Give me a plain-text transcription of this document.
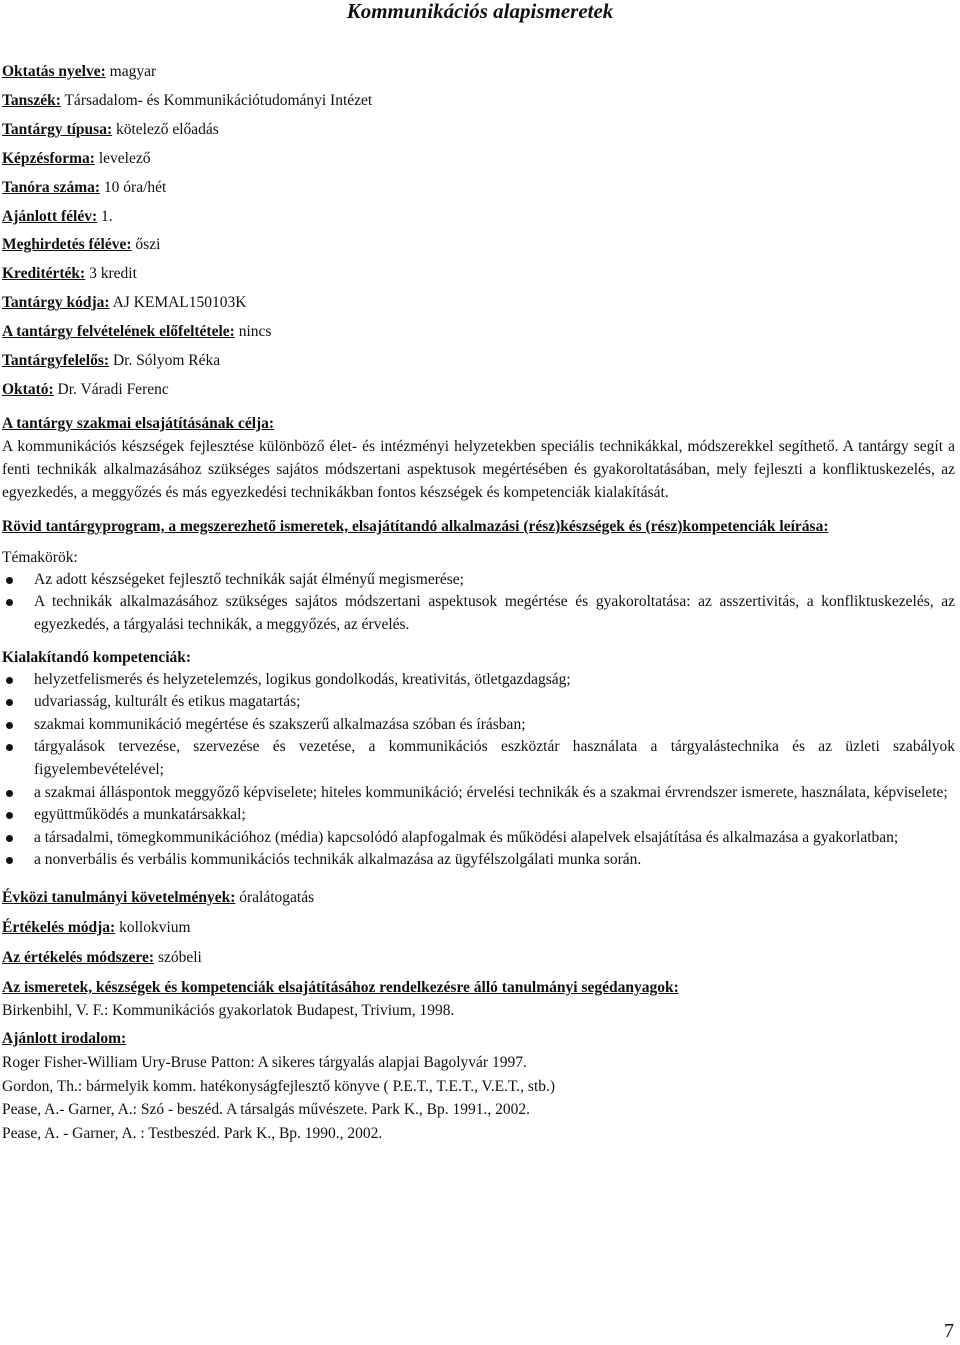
Kommunikációs alapismeretek
Oktatás nyelve: magyar
Tanszék: Társadalom- és Kommunikációtudományi Intézet
Tantárgy típusa: kötelező előadás
Képzésforma: levelező
Tanóra száma: 10 óra/hét
Ajánlott félév: 1.
Meghirdetés féléve: őszi
Kreditérték: 3 kredit
Tantárgy kódja: AJ KEMAL150103K
A tantárgy felvételének előfeltétele: nincs
Tantárgyfelelős: Dr. Sólyom Réka
Oktató: Dr. Váradi Ferenc
A tantárgy szakmai elsajátításának célja:

A kommunikációs készségek fejlesztése különböző élet- és intézményi helyzetekben speciális technikákkal, módszerekkel segíthető. A tantárgy segít a fenti technikák alkalmazásához szükséges sajátos módszertani aspektusok megértésében és gyakoroltatásában, mely fejleszti a konfliktuskezelés, az egyezkedés, a meggyőzés és más egyezkedési technikákban fontos készségek és kompetenciák kialakítását.

Rövid tantárgyprogram, a megszerezhető ismeretek, elsajátítandó alkalmazási (rész)készségek és (rész)kompetenciák leírása:
Témakörök:
Az adott készségeket fejlesztő technikák saját élményű megismerése;
A technikák alkalmazásához szükséges sajátos módszertani aspektusok megértése és gyakoroltatása: az asszertivitás, a konfliktuskezelés, az egyezkedés, a tárgyalási technikák, a meggyőzés, az érvelés.
Kialakítandó kompetenciák:
helyzetfelismerés és helyzetelemzés, logikus gondolkodás, kreativitás, ötletgazdagság;
udvariasság, kulturált és etikus magatartás;
szakmai kommunikáció megértése és szakszerű alkalmazása szóban és írásban;
tárgyalások tervezése, szervezése és vezetése, a kommunikációs eszköztár használata a tárgyalástechnika és az üzleti szabályok figyelembevételével;
a szakmai álláspontok meggyőző képviselete; hiteles kommunikáció; érvelési technikák és a szakmai érvrendszer ismerete, használata, képviselete;
együttműködés a munkatársakkal;
a társadalmi, tömegkommunikációhoz (média) kapcsolódó alapfogalmak és működési alapelvek elsajátítása és alkalmazása a gyakorlatban;
a nonverbális és verbális kommunikációs technikák alkalmazása az ügyfélszolgálati munka során.
Évközi tanulmányi követelmények: óralátogatás
Értékelés módja: kollokvium
Az értékelés módszere: szóbeli
Az ismeretek, készségek és kompetenciák elsajátításához rendelkezésre álló tanulmányi segédanyagok:
Birkenbihl, V. F.: Kommunikációs gyakorlatok Budapest, Trivium, 1998.
Ajánlott irodalom:
Roger Fisher-William Ury-Bruse Patton: A sikeres tárgyalás alapjai Bagolyvár 1997.
Gordon, Th.: bármelyik komm. hatékonyságfejlesztő könyve ( P.E.T., T.E.T., V.E.T., stb.)
Pease, A.- Garner, A.: Szó - beszéd. A társalgás művészete. Park K., Bp. 1991., 2002.
Pease, A. - Garner, A. : Testbeszéd. Park K., Bp. 1990., 2002.
7
